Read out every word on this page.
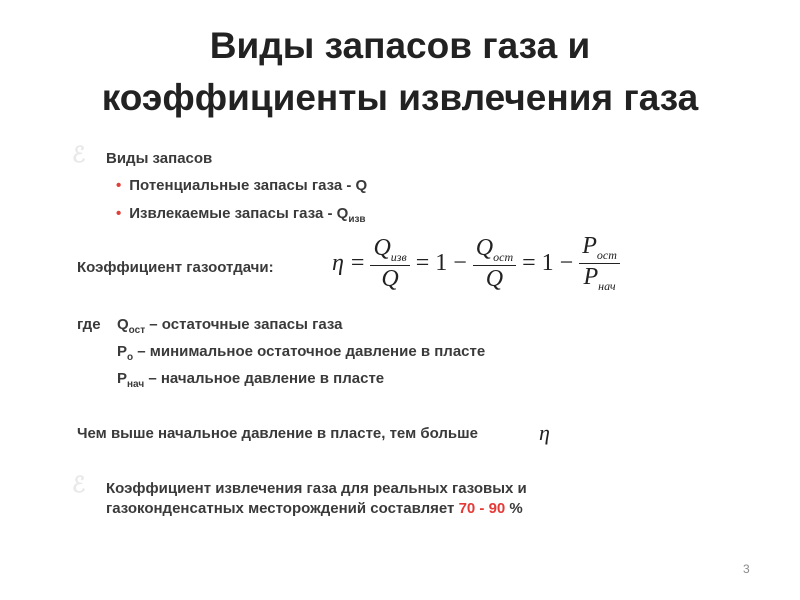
Виды запасов газа и
коэффициенты извлечения газа
ℰ
ℰ
Виды запасов
• Потенциальные запасы газа - Q
• Извлекаемые запасы газа - $Q_{изв}$
Коэффициент газоотдачи: $\eta = \frac{Q_{изв}}{Q} = 1 - \frac{Q_{ост}}{Q} = 1 - \frac{P_{ост}}{P_{нач}}$
где $Q_{ост}$ – остаточные запасы газа
$P_о$ – минимальное остаточное давление в пласте
$P_{нач}$ – начальное давление в пласте
Чем выше начальное давление в пласте, тем больше	η
Коэффициент извлечения газа для реальных газовых и
газоконденсатных месторождений составляет 70 - 90 %
3
